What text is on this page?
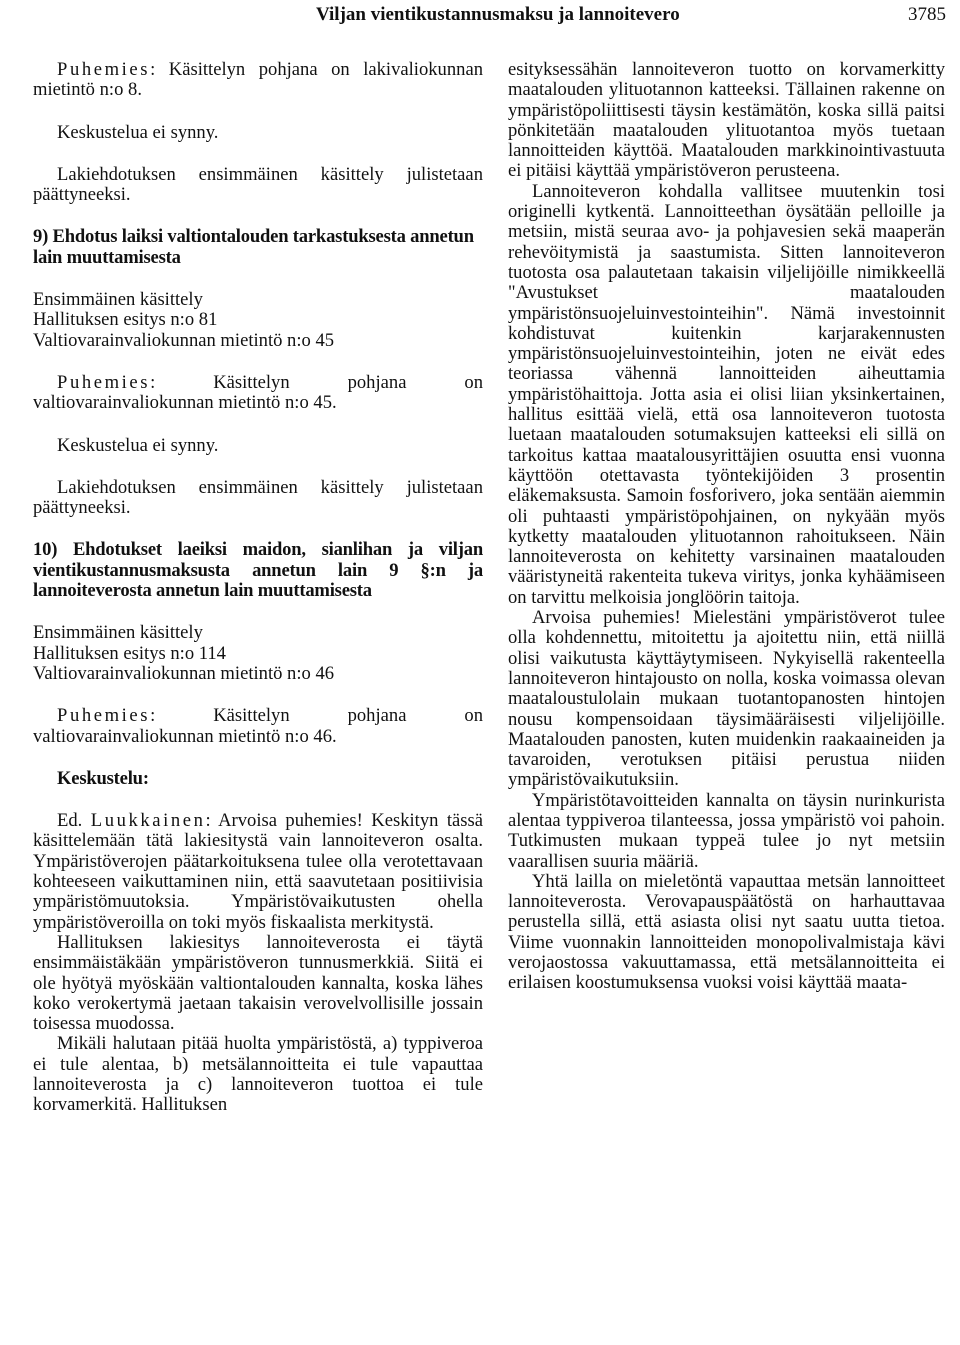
Viljan vientikustannusmaksu ja lannoitevero	3785

Puhemies: Käsittelyn pohjana on lakivaliokunnan mietintö n:o 8.

Keskustelua ei synny.

Lakiehdotuksen ensimmäinen käsittely julistetaan päättyneeksi.

9) Ehdotus laiksi valtiontalouden tarkastuksesta annetun lain muuttamisesta

Ensimmäinen käsittely
Hallituksen esitys n:o 81
Valtiovarainvaliokunnan mietintö n:o 45

Puhemies: Käsittelyn pohjana on valtiovarainvaliokunnan mietintö n:o 45.

Keskustelua ei synny.

Lakiehdotuksen ensimmäinen käsittely julistetaan päättyneeksi.

10) Ehdotukset laeiksi maidon, sianlihan ja viljan vientikustannusmaksusta annetun lain 9 §:n ja lannoiteverosta annetun lain muuttamisesta

Ensimmäinen käsittely
Hallituksen esitys n:o 114
Valtiovarainvaliokunnan mietintö n:o 46

Puhemies: Käsittelyn pohjana on valtiovarainvaliokunnan mietintö n:o 46.

Keskustelu:

Ed. Luukkainen: Arvoisa puhemies! Keskityn tässä käsittelemään tätä lakiesitystä vain lannoiteveron osalta. Ympäristöverojen päätarkoituksena tulee olla verotettavaan kohteeseen vaikuttaminen niin, että saavutetaan positiivisia ympäristömuutoksia. Ympäristövaikutusten ohella ympäristöveroilla on toki myös fiskaalista merkitystä.

Hallituksen lakiesitys lannoiteverosta ei täytä ensimmäistäkään ympäristöveron tunnusmerkkiä. Siitä ei ole hyötyä myöskään valtiontalouden kannalta, koska lähes koko verokertymä jaetaan takaisin verovelvollisille jossain toisessa muodossa.

Mikäli halutaan pitää huolta ympäristöstä, a) typpiveroa ei tule alentaa, b) metsälannoitteita ei tule vapauttaa lannoiteverosta ja c) lannoiteveron tuottoa ei tule korvamerkitä. Hallituksen

esityksessähän lannoiteveron tuotto on korvamerkitty maatalouden ylituotannon katteeksi. Tällainen rakenne on ympäristöpoliittisesti täysin kestämätön, koska sillä paitsi pönkitetään maatalouden ylituotantoa myös tuetaan lannoitteiden käyttöä. Maatalouden markkinointivastuuta ei pitäisi käyttää ympäristöveron perusteena.

Lannoiteveron kohdalla vallitsee muutenkin tosi originelli kytkentä. Lannoitteethan öysätään pelloille ja metsiin, mistä seuraa avo- ja pohjavesien sekä maaperän rehevöitymistä ja saastumista. Sitten lannoiteveron tuotosta osa palautetaan takaisin viljelijöille nimikkeellä "Avustukset maatalouden ympäristönsuojeluinvestointeihin". Nämä investoinnit kohdistuvat kuitenkin karjarakennusten ympäristönsuojeluinvestointeihin, joten ne eivät edes teoriassa vähennä lannoitteiden aiheuttamia ympäristöhaittoja. Jotta asia ei olisi liian yksinkertainen, hallitus esittää vielä, että osa lannoiteveron tuotosta luetaan maatalouden sotumaksujen katteeksi eli sillä on tarkoitus kattaa maatalousyrittäjien osuutta ensi vuonna käyttöön otettavasta työntekijöiden 3 prosentin eläkemaksusta. Samoin fosforivero, joka sentään aiemmin oli puhtaasti ympäristöpohjainen, on nykyään myös kytketty maatalouden ylituotannon rahoitukseen. Näin lannoiteverosta on kehitetty varsinainen maatalouden vääristyneitä rakenteita tukeva viritys, jonka kyhäämiseen on tarvittu melkoisia jonglöörin taitoja.

Arvoisa puhemies! Mielestäni ympäristöverot tulee olla kohdennettu, mitoitettu ja ajoitettu niin, että niillä olisi vaikutusta käyttäytymiseen. Nykyisellä rakenteella lannoiteveron hintajousto on nolla, koska voimassa olevan maataloustulolain mukaan tuotantopanosten hintojen nousu kompensoidaan täysimääräisesti viljelijöille. Maatalouden panosten, kuten muidenkin raakaaineiden ja tavaroiden, verotuksen pitäisi perustua niiden ympäristövaikutuksiin.

Ympäristötavoitteiden kannalta on täysin nurinkurista alentaa typpiveroa tilanteessa, jossa ympäristö voi pahoin. Tutkimusten mukaan typpeä tulee jo nyt metsiin vaarallisen suuria määriä.

Yhtä lailla on mieletöntä vapauttaa metsän lannoitteet lannoiteverosta. Verovapauspäätöstä on harhauttavaa perustella sillä, että asiasta olisi nyt saatu uutta tietoa. Viime vuonnakin lannoitteiden monopolivalmistaja kävi verojaostossa vakuuttamassa, että metsälannoitteita ei erilaisen koostumuksensa vuoksi voisi käyttää maata-
